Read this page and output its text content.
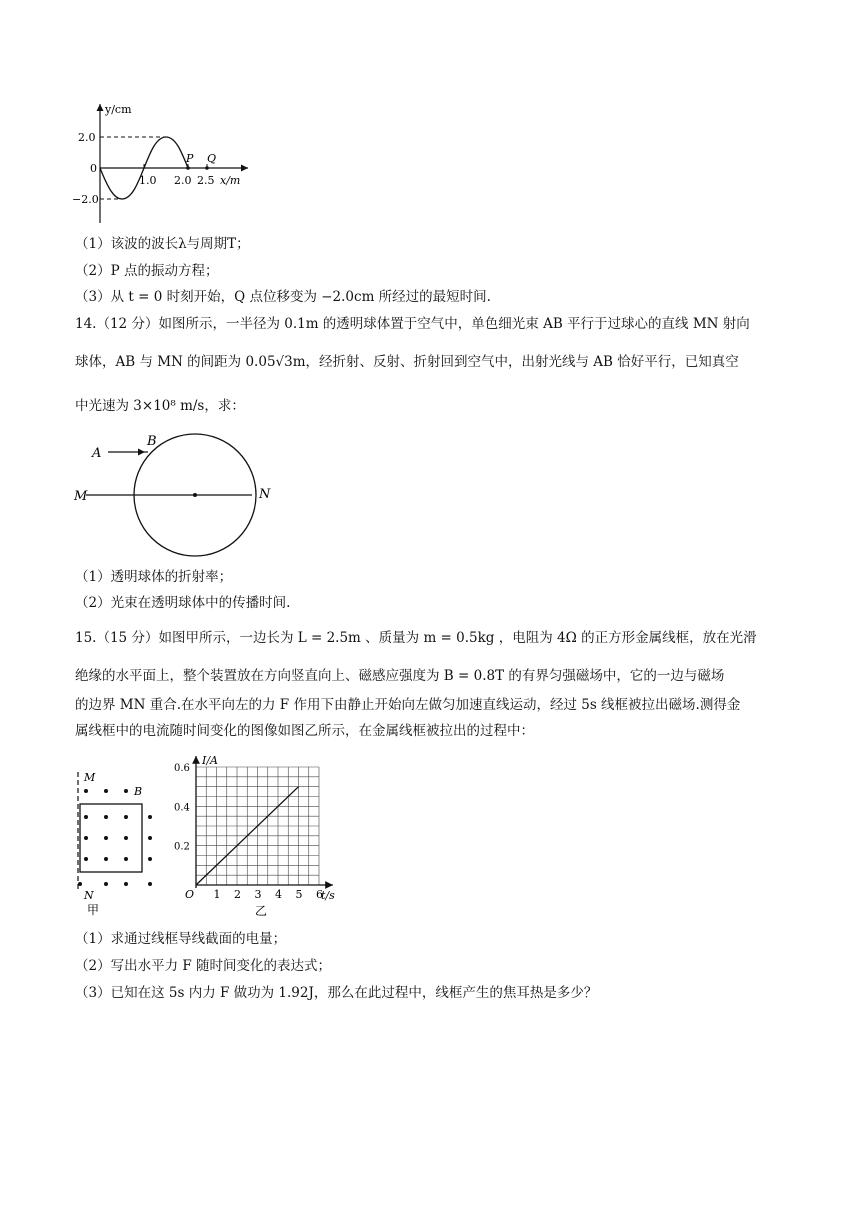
y/cm
2.0
0
−2.0
1.0 2.0 2.5 x/m
P Q
（1）该波的波长λ与周期T；
（2）P 点的振动方程；
（3）从 t = 0 时刻开始，Q 点位移变为 −2.0cm 所经过的最短时间.
14.（12 分）如图所示，一半径为 0.1m 的透明球体置于空气中，单色细光束 AB 平行于过球心的直线 MN 射向
球体，AB 与 MN 的间距为 0.05√3m，经折射、反射、折射回到空气中，出射光线与 AB 恰好平行，已知真空
中光速为 3×10⁸ m/s，求：
A
B
M	N
（1）透明球体的折射率；
（2）光束在透明球体中的传播时间.
15.（15 分）如图甲所示，一边长为 L = 2.5m 、质量为 m = 0.5kg ，电阻为 4Ω 的正方形金属线框，放在光滑
绝缘的水平面上，整个装置放在方向竖直向上、磁感应强度为 B = 0.8T 的有界匀强磁场中，它的一边与磁场
的边界 MN 重合.在水平向左的力 F 作用下由静止开始向左做匀加速直线运动，经过 5s 线框被拉出磁场.测得金
属线框中的电流随时间变化的图像如图乙所示，在金属线框被拉出的过程中：
M
B
N
甲
0.6
0.4
0.2
1 2 3 4 5 6
I/A
t/s
O
乙
（1）求通过线框导线截面的电量；
（2）写出水平力 F 随时间变化的表达式；
（3）已知在这 5s 内力 F 做功为 1.92J，那么在此过程中，线框产生的焦耳热是多少？
